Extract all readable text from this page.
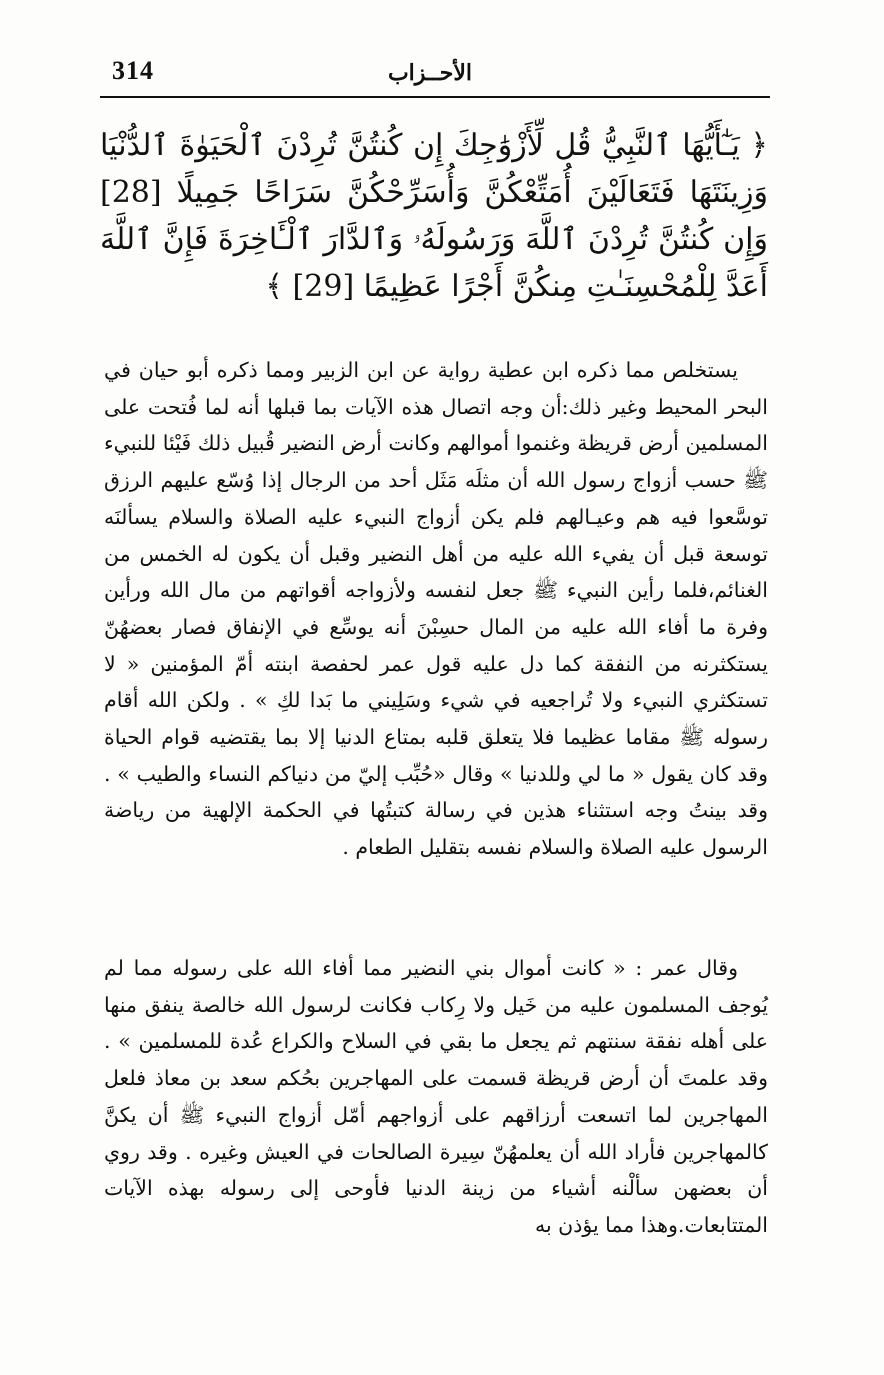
314	الأحــزاب
﴿ يَـٰٓأَيُّهَا ٱلنَّبِيُّ قُل لِّأَزْوَٰجِكَ إِن كُنتُنَّ تُرِدْنَ ٱلْحَيَوٰةَ ٱلدُّنْيَا وَزِينَتَهَا فَتَعَالَيْنَ أُمَتِّعْكُنَّ وَأُسَرِّحْكُنَّ سَرَاحًا جَمِيلًا [28] وَإِن كُنتُنَّ تُرِدْنَ ٱللَّهَ وَرَسُولَهُۥ وَٱلدَّارَ ٱلْـَٔاخِرَةَ فَإِنَّ ٱللَّهَ أَعَدَّ لِلْمُحْسِنَـٰتِ مِنكُنَّ أَجْرًا عَظِيمًا [29] ﴾

يستخلص مما ذكره ابن عطية رواية عن ابن الزبير ومما ذكره أبو حيان في البحر المحيط وغير ذلك:أن وجه اتصال هذه الآيات بما قبلها أنه لما فُتحت على المسلمين أرض قريظة وغنموا أموالهم وكانت أرض النضير قُبيل ذلك فَيْئا للنبيء ﷺ حسب أزواج رسول الله أن مثلَه مَثَل أحد من الرجال إذا وُسّع عليهم الرزق توسَّعوا فيه هم وعيـالهم فلم يكن أزواج النبيء عليه الصلاة والسلام يسألنَه توسعة قبل أن يفيء الله عليه من أهل النضير وقبل أن يكون له الخمس من الغنائم،فلما رأين النبيء ﷺ جعل لنفسه ولأزواجه أقواتهم من مال الله ورأين وفرة ما أفاء الله عليه من المال حسِبْنَ أنه يوسِّع في الإنفاق فصار بعضهُنّ يستكثرنه من النفقة كما دل عليه قول عمر لحفصة ابنته أمّ المؤمنين « لا تستكثري النبيء ولا تُراجعيه في شيء وسَلِيني ما بَدا لكِ » . ولكن الله أقام رسوله ﷺ مقاما عظيما فلا يتعلق قلبه بمتاع الدنيا إلا بما يقتضيه قوام الحياة وقد كان يقول « ما لي وللدنيا » وقال «حُبِّب إليّ من دنياكم النساء والطيب » . وقد بينتُ وجه استثناء هذين في رسالة كتبتُها في الحكمة الإلهية من رياضة الرسول عليه الصلاة والسلام نفسه بتقليل الطعام .

وقال عمر : « كانت أموال بني النضير مما أفاء الله على رسوله مما لم يُوجف المسلمون عليه من خَيل ولا رِكاب فكانت لرسول الله خالصة ينفق منها على أهله نفقة سنتهم ثم يجعل ما بقي في السلاح والكراع عُدة للمسلمين » . وقد علمتَ أن أرض قريظة قسمت على المهاجرين بحُكم سعد بن معاذ فلعل المهاجرين لما اتسعت أرزاقهم على أزواجهم أمّل أزواج النبيء ﷺ أن يكنَّ كالمهاجرين فأراد الله أن يعلمهُنّ سِيرة الصالحات في العيش وغيره . وقد روي أن بعضهن سألْنه أشياء من زينة الدنيا فأوحى إلى رسوله بهذه الآيات المتتابعات.وهذا مما يؤذن به
